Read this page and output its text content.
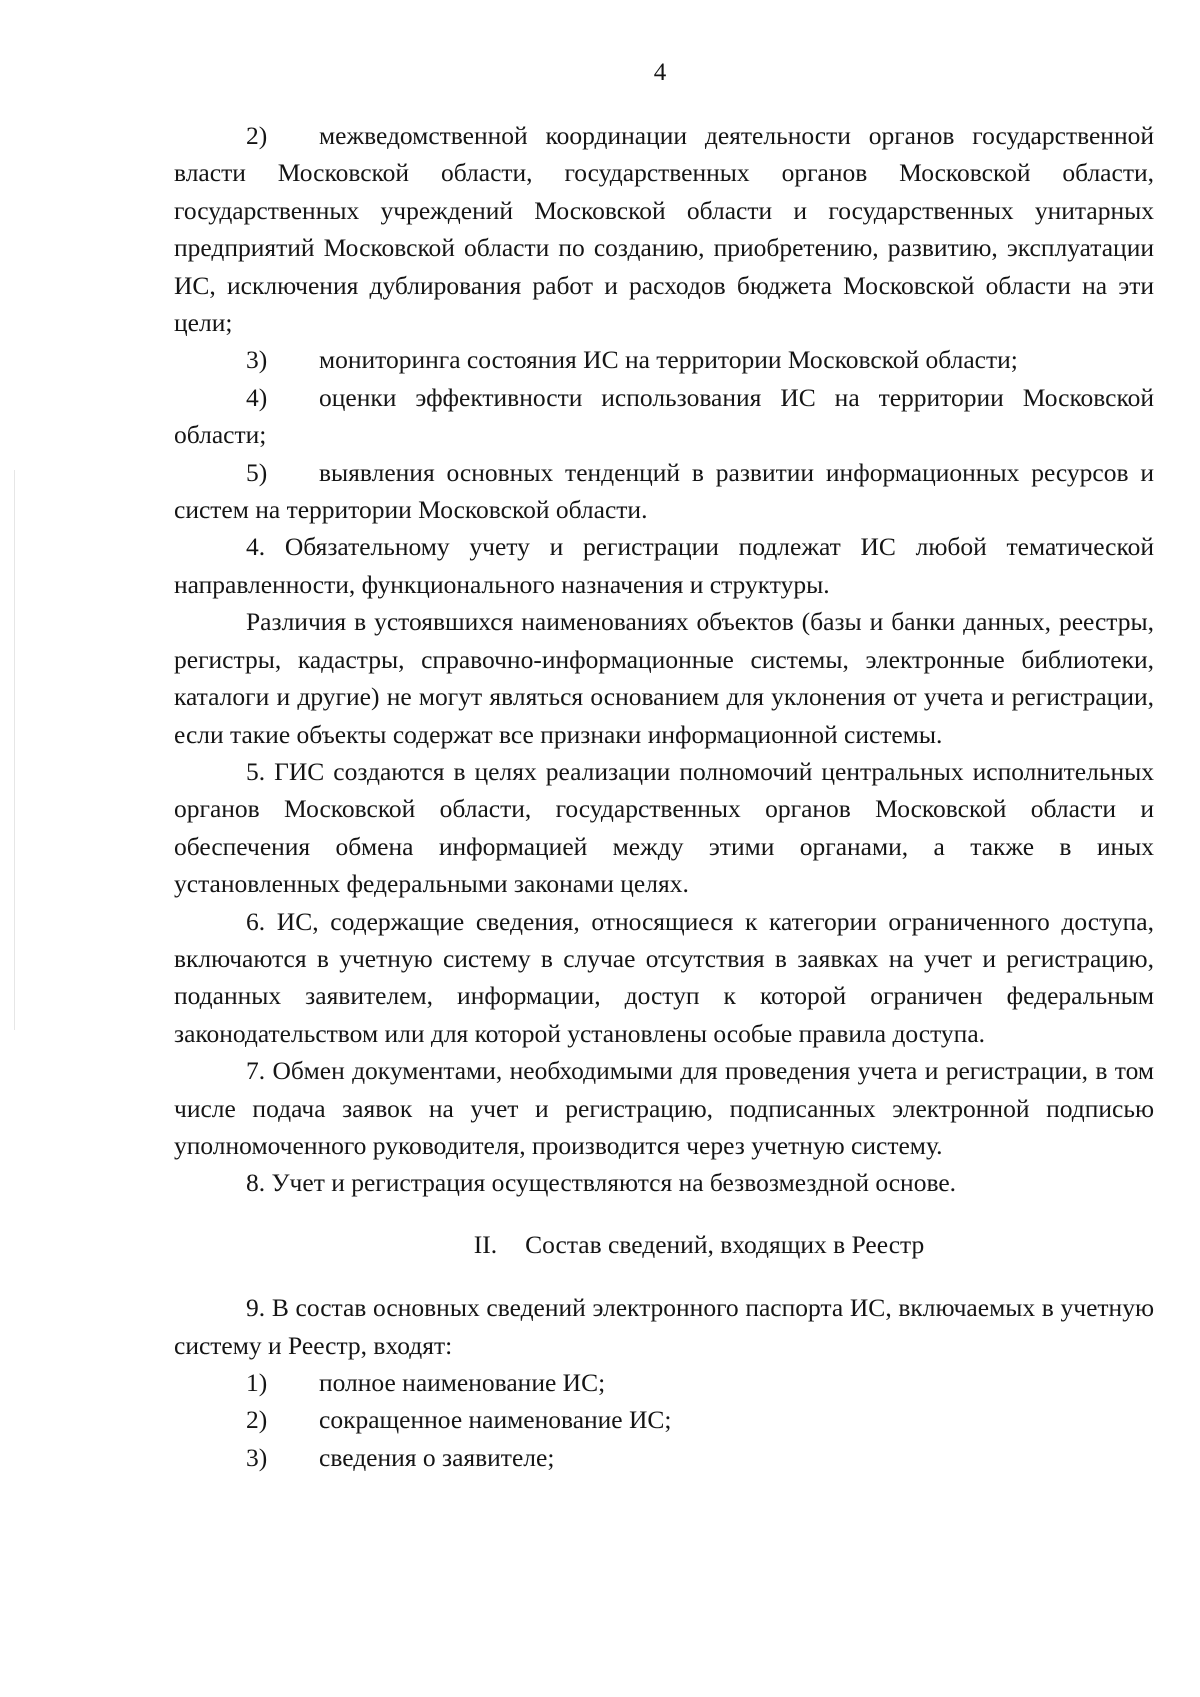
4

2) межведомственной координации деятельности органов государственной власти Московской области, государственных органов Московской области, государственных учреждений Московской области и государственных унитарных предприятий Московской области по созданию, приобретению, развитию, эксплуатации ИС, исключения дублирования работ и расходов бюджета Московской области на эти цели;

3) мониторинга состояния ИС на территории Московской области;

4) оценки эффективности использования ИС на территории Московской области;

5) выявления основных тенденций в развитии информационных ресурсов и систем на территории Московской области.

4. Обязательному учету и регистрации подлежат ИС любой тематической направленности, функционального назначения и структуры.

Различия в устоявшихся наименованиях объектов (базы и банки данных, реестры, регистры, кадастры, справочно-информационные системы, электронные библиотеки, каталоги и другие) не могут являться основанием для уклонения от учета и регистрации, если такие объекты содержат все признаки информационной системы.

5. ГИС создаются в целях реализации полномочий центральных исполнительных органов Московской области, государственных органов Московской области и обеспечения обмена информацией между этими органами, а также в иных установленных федеральными законами целях.

6. ИС, содержащие сведения, относящиеся к категории ограниченного доступа, включаются в учетную систему в случае отсутствия в заявках на учет и регистрацию, поданных заявителем, информации, доступ к которой ограничен федеральным законодательством или для которой установлены особые правила доступа.

7. Обмен документами, необходимыми для проведения учета и регистрации, в том числе подача заявок на учет и регистрацию, подписанных электронной подписью уполномоченного руководителя, производится через учетную систему.

8. Учет и регистрация осуществляются на безвозмездной основе.

II. Состав сведений, входящих в Реестр

9. В состав основных сведений электронного паспорта ИС, включаемых в учетную систему и Реестр, входят:

1) полное наименование ИС;

2) сокращенное наименование ИС;

3) сведения о заявителе;
